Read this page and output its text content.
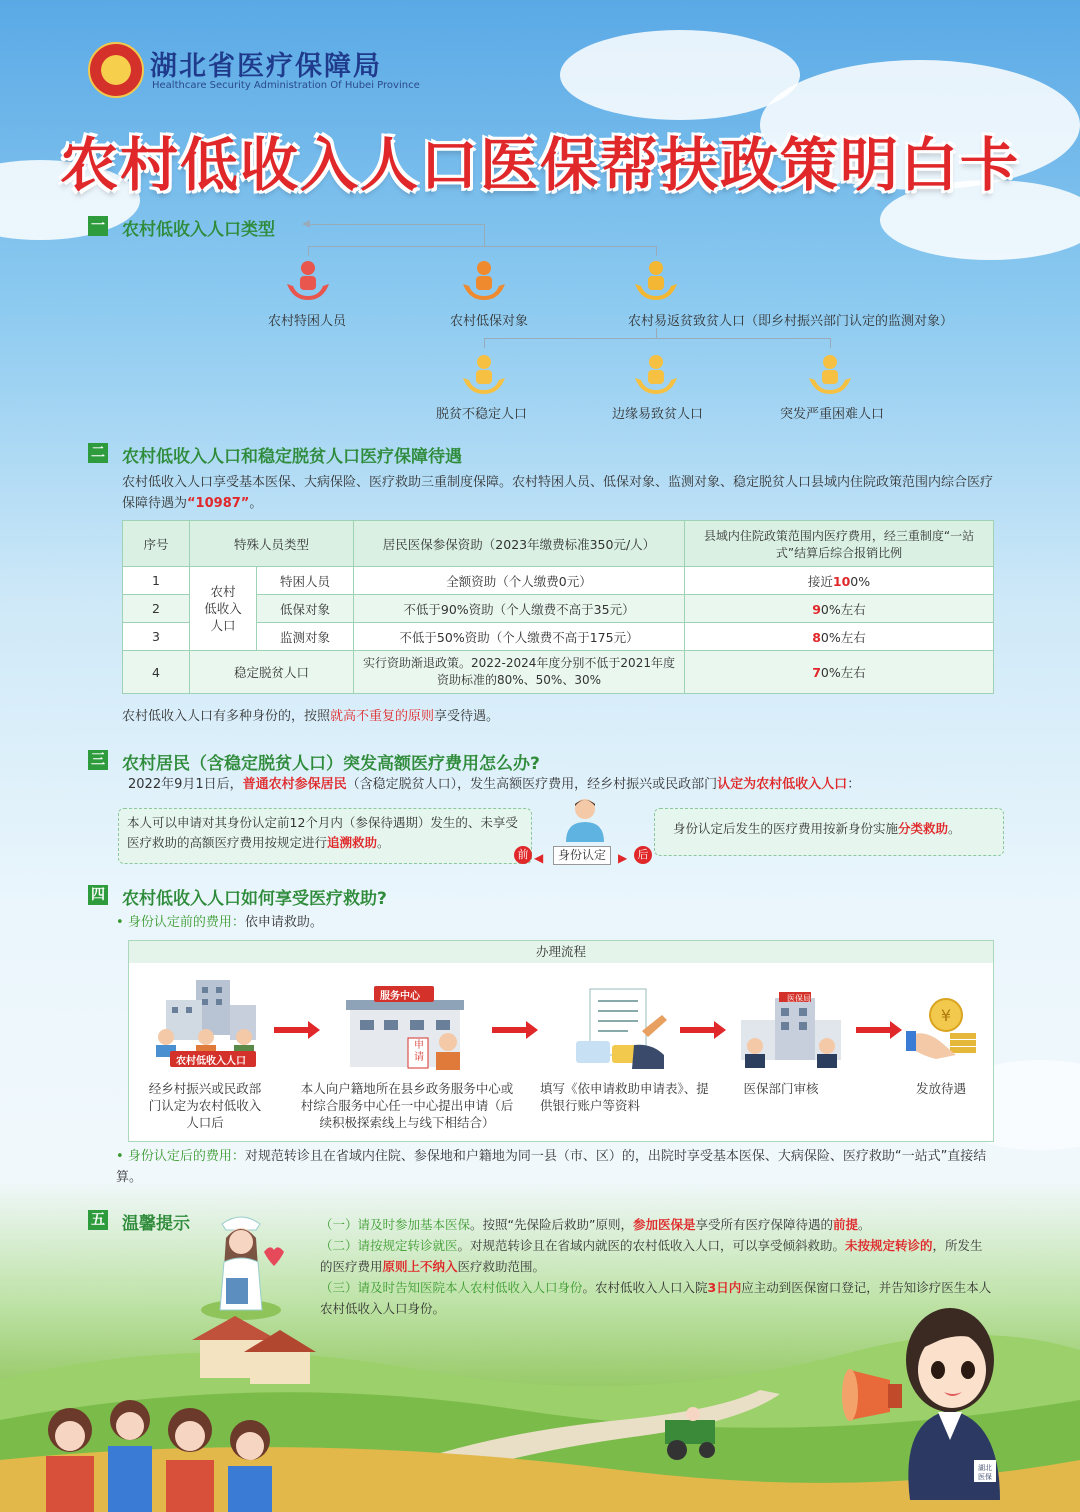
湖北省医疗保障局
Healthcare Security Administration Of Hubei Province
农村低收入人口医保帮扶政策明白卡
一 农村低收入人口类型
农村特困人员	农村低保对象	农村易返贫致贫人口（即乡村振兴部门认定的监测对象）
脱贫不稳定人口	边缘易致贫人口	突发严重困难人口
二 农村低收入人口和稳定脱贫人口医疗保障待遇
农村低收入人口享受基本医保、大病保险、医疗救助三重制度保障。农村特困人员、低保对象、监测对象、稳定脱贫人口县域内住院政策范围内综合医疗保障待遇为“10987”。
序号	特殊人员类型		居民医保参保资助（2023年缴费标准350元/人）	县域内住院政策范围内医疗费用，经三重制度“一站式”结算后综合报销比例
1	农村
低收入
人口	特困人员	全额资助（个人缴费0元）	接近100%
2		低保对象	不低于90%资助（个人缴费不高于35元）	90%左右
3		监测对象	不低于50%资助（个人缴费不高于175元）	80%左右
4	稳定脱贫人口		实行资助渐退政策。2022-2024年度分别不低于2021年度资助标准的80%、50%、30%	70%左右
农村低收入人口有多种身份的，按照就高不重复的原则享受待遇。
三 农村居民（含稳定脱贫人口）突发高额医疗费用怎么办?
2022年9月1日后，普通农村参保居民（含稳定脱贫人口），发生高额医疗费用，经乡村振兴或民政部门认定为农村低收入人口：
本人可以申请对其身份认定前12个月内（参保待遇期）发生的、未享受医疗救助的高额医疗费用按规定进行追溯救助。
身份认定后发生的医疗费用按新身份实施分类救助。
前 ◀	身份认定 ▶ 后
四 农村低收入人口如何享受医疗救助?
• 身份认定前的费用：依申请救助。
办理流程
农村低收入人口
服务中心
申请
医保局
¥
经乡村振兴或民政部门认定为农村低收入人口后
本人向户籍地所在县乡政务服务中心或村综合服务中心任一中心提出申请（后续积极探索线上与线下相结合）
填写《依申请救助申请表》、提供银行账户等资料
医保部门审核	发放待遇
• 身份认定后的费用：对规范转诊且在省域内住院、参保地和户籍地为同一县（市、区）的，出院时享受基本医保、大病保险、医疗救助“一站式”直接结算。
五 温馨提示	（一）请及时参加基本医保。按照“先保险后救助”原则，参加医保是享受所有医疗保障待遇的前提。
（二）请按规定转诊就医。对规范转诊且在省域内就医的农村低收入人口，可以享受倾斜救助。未按规定转诊的，所发生的医疗费用原则上不纳入医疗救助范围。
（三）请及时告知医院本人农村低收入人口身份。农村低收入人口入院3日内应主动到医保窗口登记，并告知诊疗医生本人农村低收入人口身份。
湖北医保
